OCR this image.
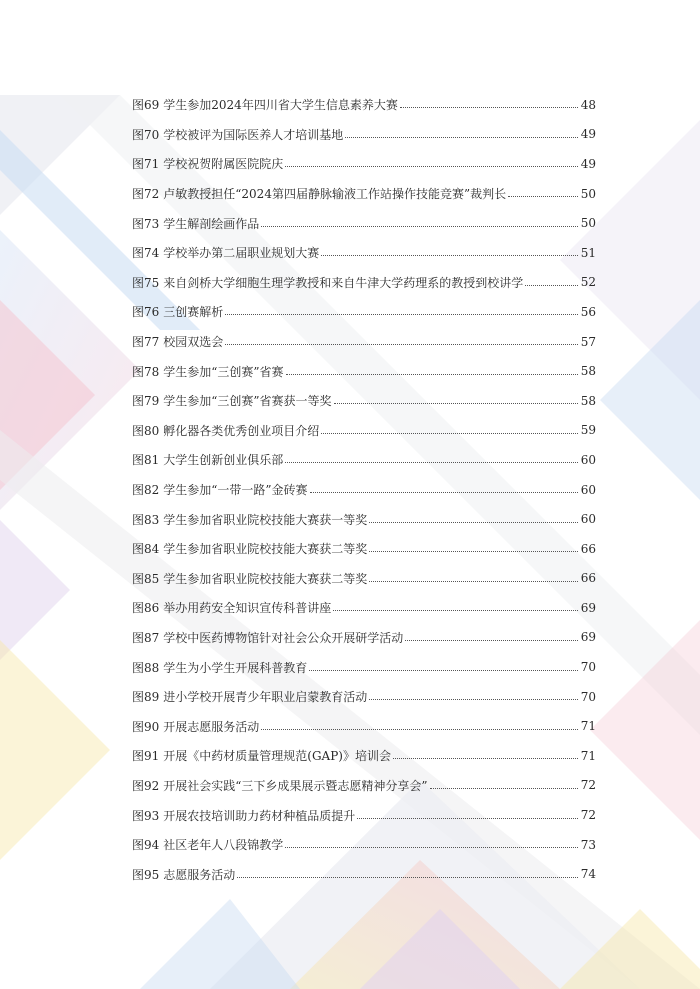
图69 学生参加2024年四川省大学生信息素养大赛	48
图70 学校被评为国际医养人才培训基地	49
图71 学校祝贺附属医院院庆	49
图72 卢敏教授担任“2024第四届静脉输液工作站操作技能竞赛”裁判长	50
图73 学生解剖绘画作品	50
图74 学校举办第二届职业规划大赛	51
图75 来自剑桥大学细胞生理学教授和来自牛津大学药理系的教授到校讲学	52
图76 三创赛解析	56
图77 校园双选会	57
图78 学生参加“三创赛”省赛	58
图79 学生参加“三创赛”省赛获一等奖	58
图80 孵化器各类优秀创业项目介绍	59
图81 大学生创新创业俱乐部	60
图82 学生参加“一带一路”金砖赛	60
图83 学生参加省职业院校技能大赛获一等奖	60
图84 学生参加省职业院校技能大赛获二等奖	66
图85 学生参加省职业院校技能大赛获二等奖	66
图86 举办用药安全知识宣传科普讲座	69
图87 学校中医药博物馆针对社会公众开展研学活动	69
图88 学生为小学生开展科普教育	70
图89 进小学校开展青少年职业启蒙教育活动	70
图90 开展志愿服务活动	71
图91 开展《中药材质量管理规范(GAP)》培训会	71
图92 开展社会实践“三下乡成果展示暨志愿精神分享会”	72
图93 开展农技培训助力药材种植品质提升	72
图94 社区老年人八段锦教学	73
图95 志愿服务活动	74
